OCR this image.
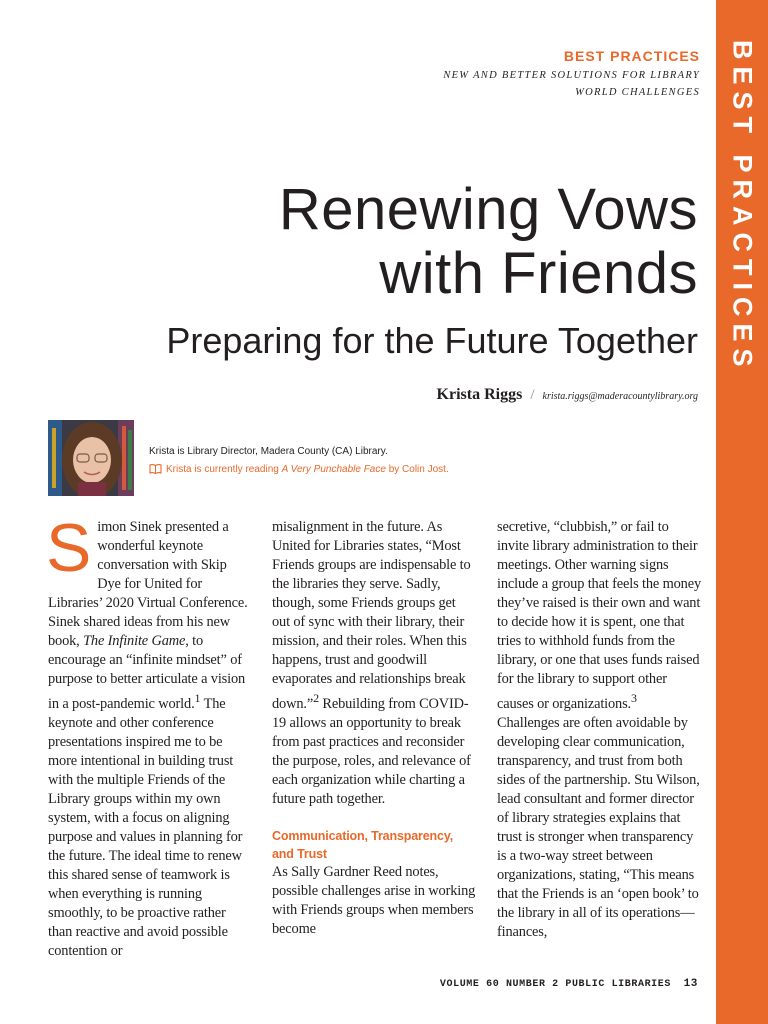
BEST PRACTICES
BEST PRACTICES
NEW AND BETTER SOLUTIONS FOR LIBRARY WORLD CHALLENGES
Renewing Vows
with Friends
Preparing for the Future Together
Krista Riggs / krista.riggs@maderacountylibrary.org
Krista is Library Director, Madera County (CA) Library.
Krista is currently reading A Very Punchable Face by Colin Jost.

Simon Sinek presented a wonderful keynote conversation with Skip Dye for United for Libraries’ 2020 Virtual Conference. Sinek shared ideas from his new book, The Infinite Game, to encourage an “infinite mindset” of purpose to better articulate a vision in a post-pandemic world.$^1$ The keynote and other conference presentations inspired me to be more intentional in building trust with the multiple Friends of the Library groups within my own system, with a focus on aligning purpose and values in planning for the future. The ideal time to renew this shared sense of teamwork is when everything is running smoothly, to be proactive rather than reactive and avoid possible contention or

misalignment in the future. As United for Libraries states, “Most Friends groups are indispensable to the libraries they serve. Sadly, though, some Friends groups get out of sync with their library, their mission, and their roles. When this happens, trust and goodwill evaporates and relationships break down.”$^2$ Rebuilding from COVID-19 allows an opportunity to break from past practices and reconsider the purpose, roles, and relevance of each organization while charting a future path together.

Communication, Transparency, and Trust

As Sally Gardner Reed notes, possible challenges arise in working with Friends groups when members become

secretive, “clubbish,” or fail to invite library administration to their meetings. Other warning signs include a group that feels the money they’ve raised is their own and want to decide how it is spent, one that tries to withhold funds from the library, or one that uses funds raised for the library to support other causes or organizations.$^3$ Challenges are often avoidable by developing clear communication, transparency, and trust from both sides of the partnership. Stu Wilson, lead consultant and former director of library strategies explains that trust is stronger when transparency is a two-way street between organizations, stating, “This means that the Friends is an ‘open book’ to the library in all of its operations—finances,

VOLUME 60 NUMBER 2 PUBLIC LIBRARIES 13
